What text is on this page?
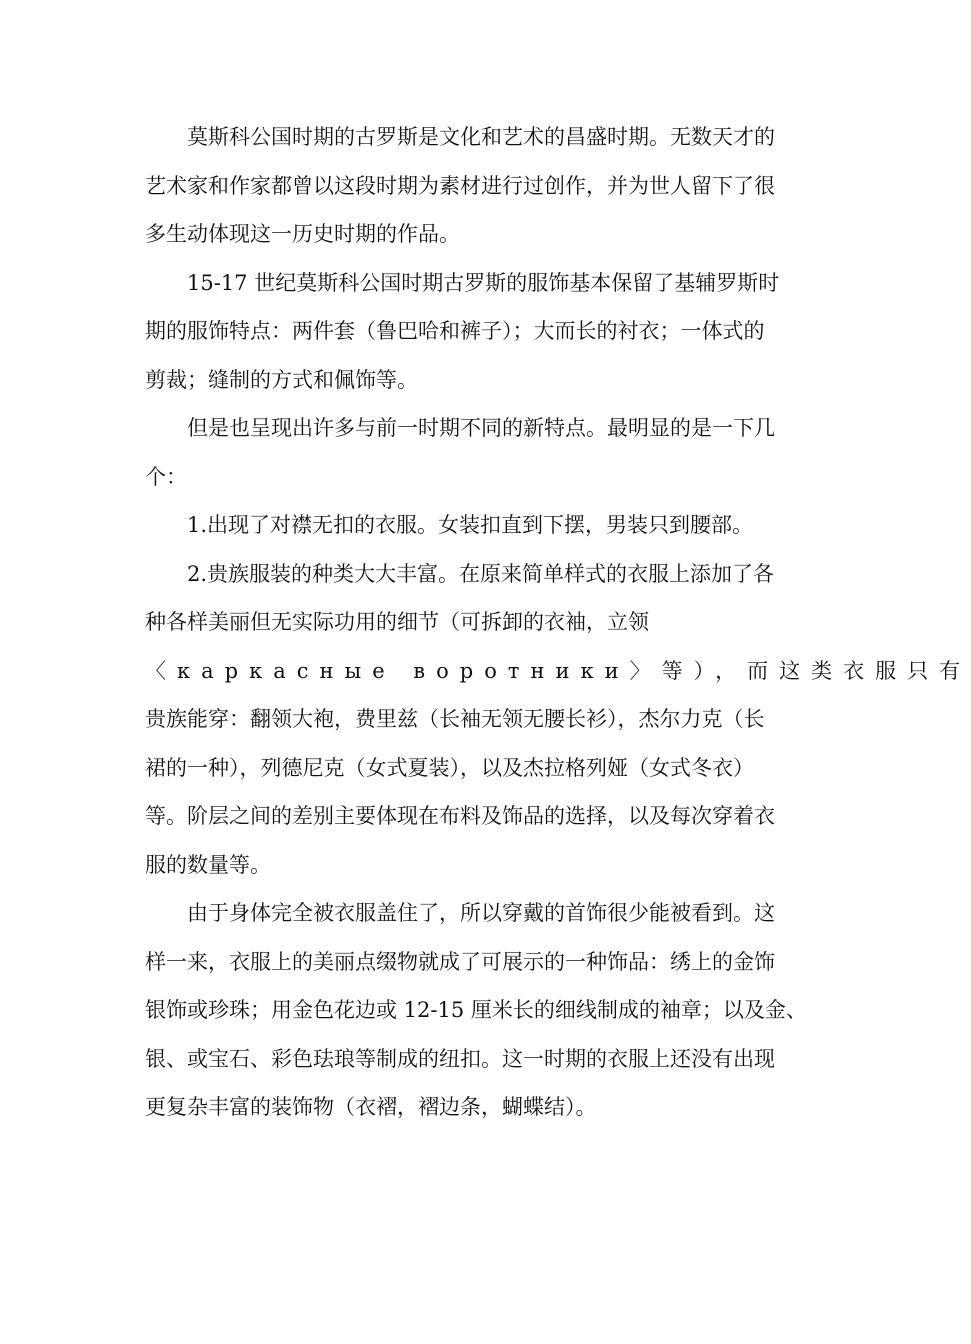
莫斯科公国时期的古罗斯是文化和艺术的昌盛时期。无数天才的
艺术家和作家都曾以这段时期为素材进行过创作，并为世人留下了很
多生动体现这一历史时期的作品。

15-17 世纪莫斯科公国时期古罗斯的服饰基本保留了基辅罗斯时
期的服饰特点：两件套（鲁巴哈和裤子）；大而长的衬衣；一体式的
剪裁；缝制的方式和佩饰等。

但是也呈现出许多与前一时期不同的新特点。最明显的是一下几
个：

1.出现了对襟无扣的衣服。女装扣直到下摆，男装只到腰部。

2.贵族服装的种类大大丰富。在原来简单样式的衣服上添加了各
种各样美丽但无实际功用的细节（可拆卸的衣袖，立领
〈каркасные воротники〉等），而这类衣服只有
贵族能穿：翻领大袍，费里兹（长袖无领无腰长衫），杰尔力克（长
裙的一种），列德尼克（女式夏装），以及杰拉格列娅（女式冬衣）
等。阶层之间的差别主要体现在布料及饰品的选择，以及每次穿着衣
服的数量等。

由于身体完全被衣服盖住了，所以穿戴的首饰很少能被看到。这
样一来，衣服上的美丽点缀物就成了可展示的一种饰品：绣上的金饰
银饰或珍珠；用金色花边或 12-15 厘米长的细线制成的袖章；以及金、
银、或宝石、彩色珐琅等制成的纽扣。这一时期的衣服上还没有出现
更复杂丰富的装饰物（衣褶，褶边条，蝴蝶结）。
